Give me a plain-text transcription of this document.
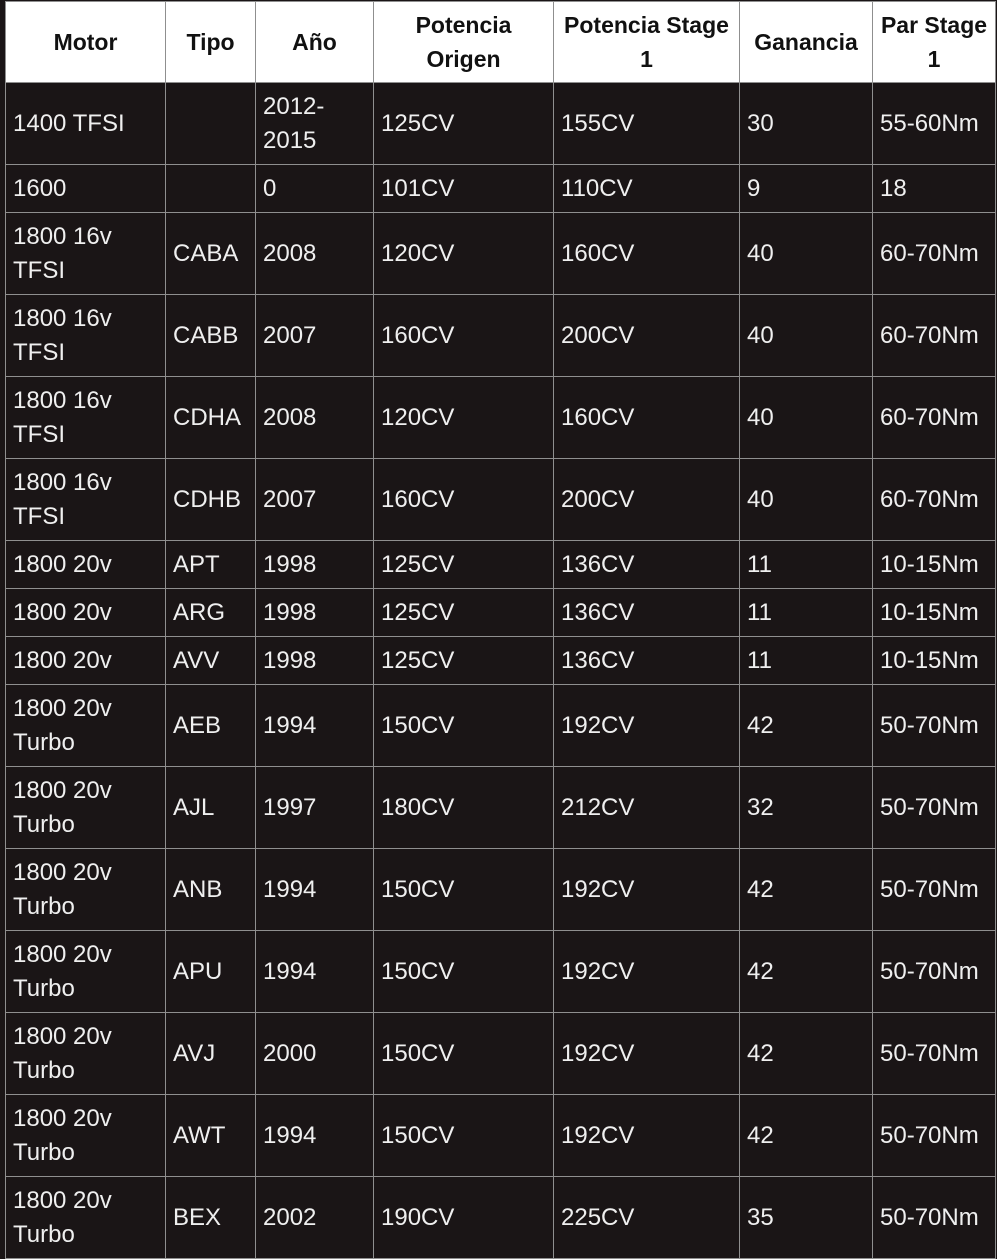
Motor	Tipo	Año	Potencia Origen	Potencia Stage 1	Ganancia	Par Stage 1
1400 TFSI		2012-2015	125CV	155CV	30	55-60Nm
1600		0	101CV	110CV	9	18
1800 16v TFSI	CABA	2008	120CV	160CV	40	60-70Nm
1800 16v TFSI	CABB	2007	160CV	200CV	40	60-70Nm
1800 16v TFSI	CDHA	2008	120CV	160CV	40	60-70Nm
1800 16v TFSI	CDHB	2007	160CV	200CV	40	60-70Nm
1800 20v	APT	1998	125CV	136CV	11	10-15Nm
1800 20v	ARG	1998	125CV	136CV	11	10-15Nm
1800 20v	AVV	1998	125CV	136CV	11	10-15Nm
1800 20v Turbo	AEB	1994	150CV	192CV	42	50-70Nm
1800 20v Turbo	AJL	1997	180CV	212CV	32	50-70Nm
1800 20v Turbo	ANB	1994	150CV	192CV	42	50-70Nm
1800 20v Turbo	APU	1994	150CV	192CV	42	50-70Nm
1800 20v Turbo	AVJ	2000	150CV	192CV	42	50-70Nm
1800 20v Turbo	AWT	1994	150CV	192CV	42	50-70Nm
1800 20v Turbo	BEX	2002	190CV	225CV	35	50-70Nm
